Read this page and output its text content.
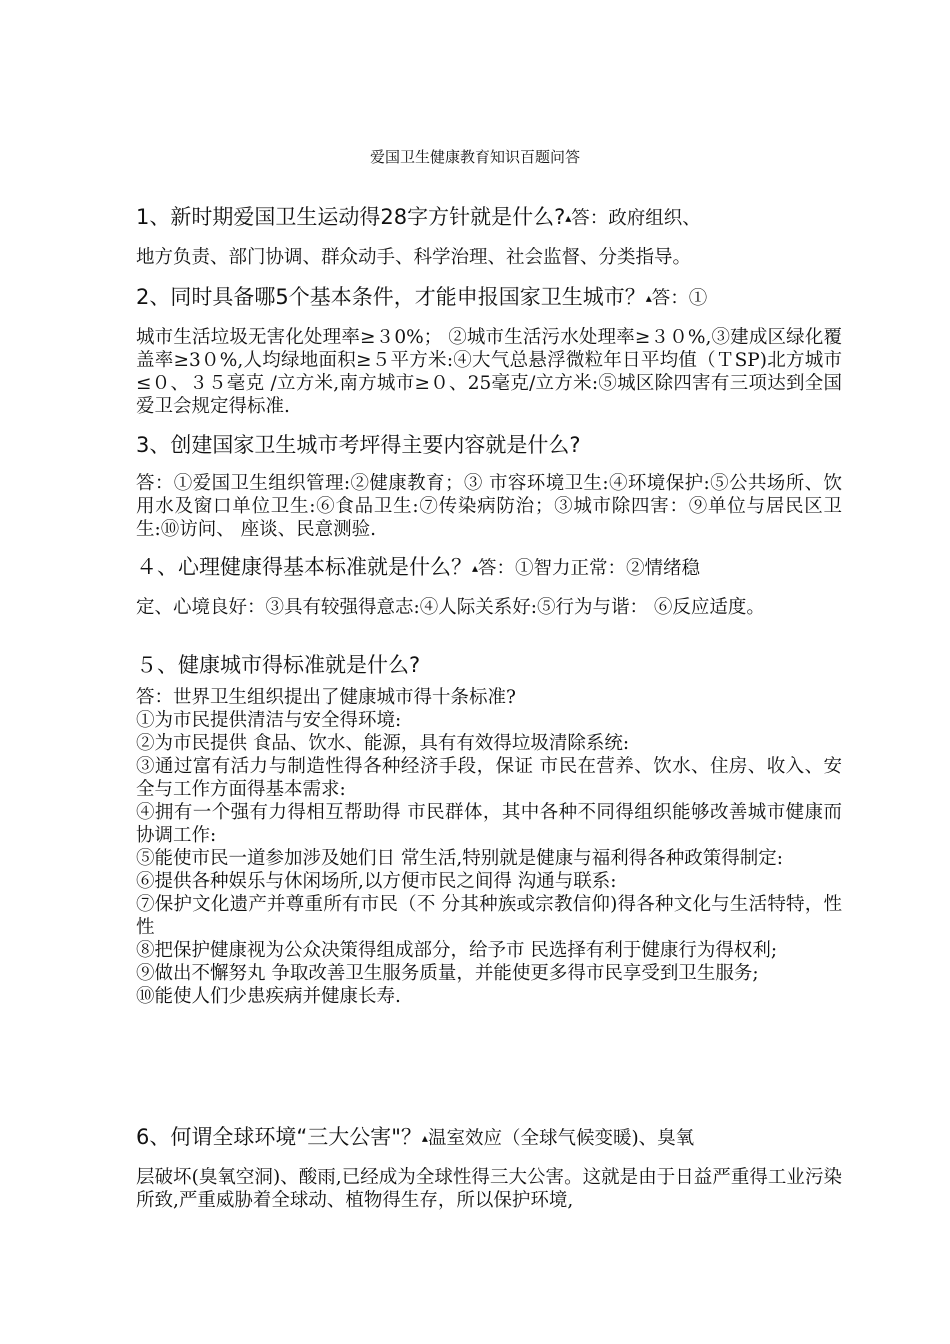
爱国卫生健康教育知识百题问答
1、新时期爱国卫生运动得28字方针就是什么?▴答：政府组织、

地方负责、部门协调、群众动手、科学治理、社会监督、分类指导。

2、同时具备哪5个基本条件，才能申报国家卫生城市？▴答：①

城市生活垃圾无害化处理率≥３0%； ②城市生活污水处理率≥３０%,③建成区绿化覆盖率≥3０%,人均绿地面积≥５平方米:④大气总悬浮微粒年日平均值（ＴSP)北方城市≤０、３５毫克 /立方米,南方城市≥０、25毫克/立方米:⑤城区除四害有三项达到全国爱卫会规定得标准.

3、创建国家卫生城市考坪得主要内容就是什么?

答：①爱国卫生组织管理:②健康教育；③ 市容环境卫生:④环境保护:⑤公共场所、饮用水及窗口单位卫生:⑥食品卫生:⑦传染病防治；③城市除四害：⑨单位与居民区卫生:⑩访问、 座谈、民意测验.

４、心理健康得基本标准就是什么？▴答：①智力正常：②情绪稳

定、心境良好：③具有较强得意志:④人际关系好:⑤行为与谐： ⑥反应适度。

５、健康城市得标准就是什么?

答：世界卫生组织提出了健康城市得十条标准?

①为市民提供清洁与安全得环境:

②为市民提供 食品、饮水、能源，具有有效得垃圾清除系统:

③通过富有活力与制造性得各种经济手段，保证 市民在营养、饮水、住房、收入、安全与工作方面得基本需求:

④拥有一个强有力得相互帮助得 市民群体，其中各种不同得组织能够改善城市健康而协调工作:

⑤能使市民一道参加涉及她们日 常生活,特别就是健康与福利得各种政策得制定:

⑥提供各种娱乐与休闲场所,以方便市民之间得 沟通与联系:

⑦保护文化遗产并尊重所有市民（不 分其种族或宗教信仰)得各种文化与生活特特，性性

⑧把保护健康视为公众决策得组成部分，给予市 民选择有利于健康行为得权利;

⑨做出不懈努丸 争取改善卫生服务质量，并能使更多得市民享受到卫生服务;

⑩能使人们少患疾病并健康长寿.

6、何谓全球环境“三大公害"？▴温室效应（全球气候变暖)、臭氧

层破坏(臭氧空洞)、酸雨,已经成为全球性得三大公害。这就是由于日益严重得工业污染所致,严重威胁着全球动、植物得生存，所以保护环境,
